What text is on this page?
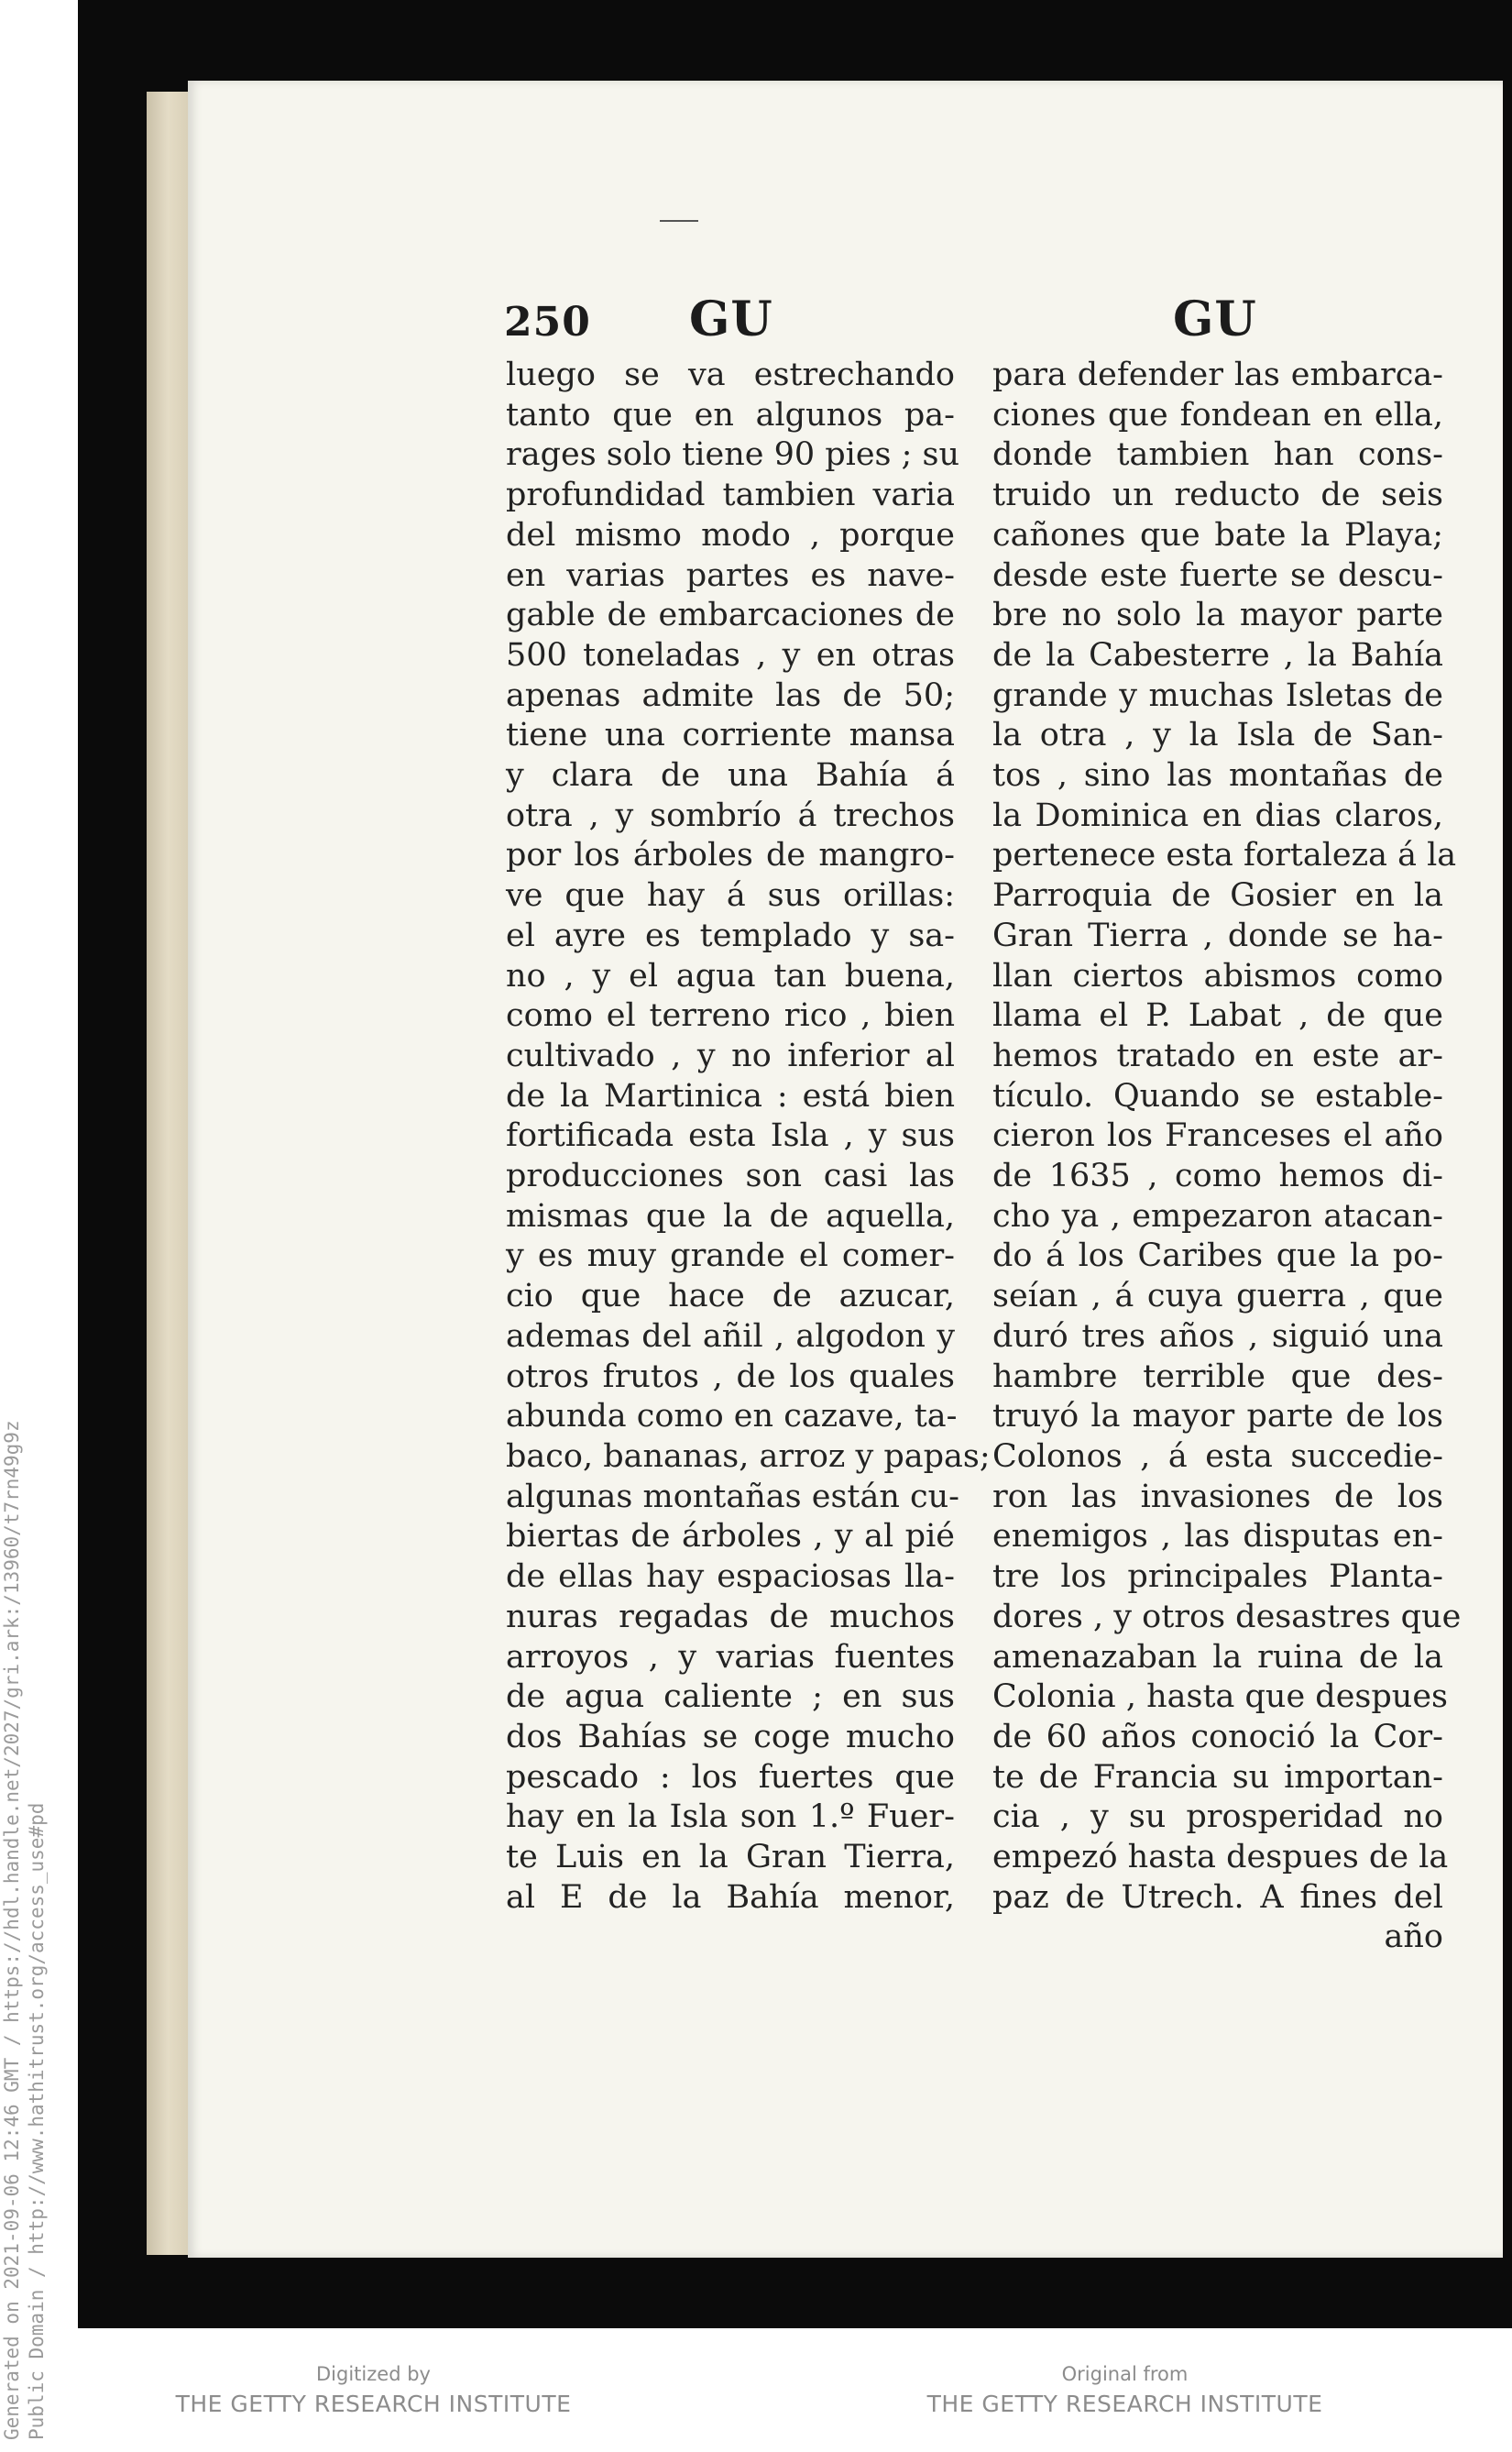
250 GU	GU
luego se va estrechando
tanto que en algunos pa-
rages solo tiene 90 pies ; su
profundidad tambien varia
del mismo modo , porque
en varias partes es nave-
gable de embarcaciones de
500 toneladas , y en otras
apenas admite las de 50;
tiene una corriente mansa
y clara de una Bahía á
otra , y sombrío á trechos
por los árboles de mangro-
ve que hay á sus orillas:
el ayre es templado y sa-
no , y el agua tan buena,
como el terreno rico , bien
cultivado , y no inferior al
de la Martinica : está bien
fortificada esta Isla , y sus
producciones son casi las
mismas que la de aquella,
y es muy grande el comer-
cio que hace de azucar,
ademas del añil , algodon y
otros frutos , de los quales
abunda como en cazave, ta-
baco, bananas, arroz y papas;
algunas montañas están cu-
biertas de árboles , y al pié
de ellas hay espaciosas lla-
nuras regadas de muchos
arroyos , y varias fuentes
de agua caliente ; en sus
dos Bahías se coge mucho
pescado : los fuertes que
hay en la Isla son 1.º Fuer-
te Luis en la Gran Tierra,
al E de la Bahía menor,
para defender las embarca-
ciones que fondean en ella,
donde tambien han cons-
truido un reducto de seis
cañones que bate la Playa;
desde este fuerte se descu-
bre no solo la mayor parte
de la Cabesterre , la Bahía
grande y muchas Isletas de
la otra , y la Isla de San-
tos , sino las montañas de
la Dominica en dias claros,
pertenece esta fortaleza á la
Parroquia de Gosier en la
Gran Tierra , donde se ha-
llan ciertos abismos como
llama el P. Labat , de que
hemos tratado en este ar-
tículo. Quando se estable-
cieron los Franceses el año
de 1635 , como hemos di-
cho ya , empezaron atacan-
do á los Caribes que la po-
seían , á cuya guerra , que
duró tres años , siguió una
hambre terrible que des-
truyó la mayor parte de los
Colonos , á esta succedie-
ron las invasiones de los
enemigos , las disputas en-
tre los principales Planta-
dores , y otros desastres que
amenazaban la ruina de la
Colonia , hasta que despues
de 60 años conoció la Cor-
te de Francia su importan-
cia , y su prosperidad no
empezó hasta despues de la
paz de Utrech. A fines del
año
Generated on 2021-09-06 12:46 GMT / https://hdl.handle.net/2027/gri.ark:/13960/t7rn49g9z Public Domain / http://www.hathitrust.org/access_use#pd	Digitized by
THE GETTY RESEARCH INSTITUTE
Original from
THE GETTY RESEARCH INSTITUTE
